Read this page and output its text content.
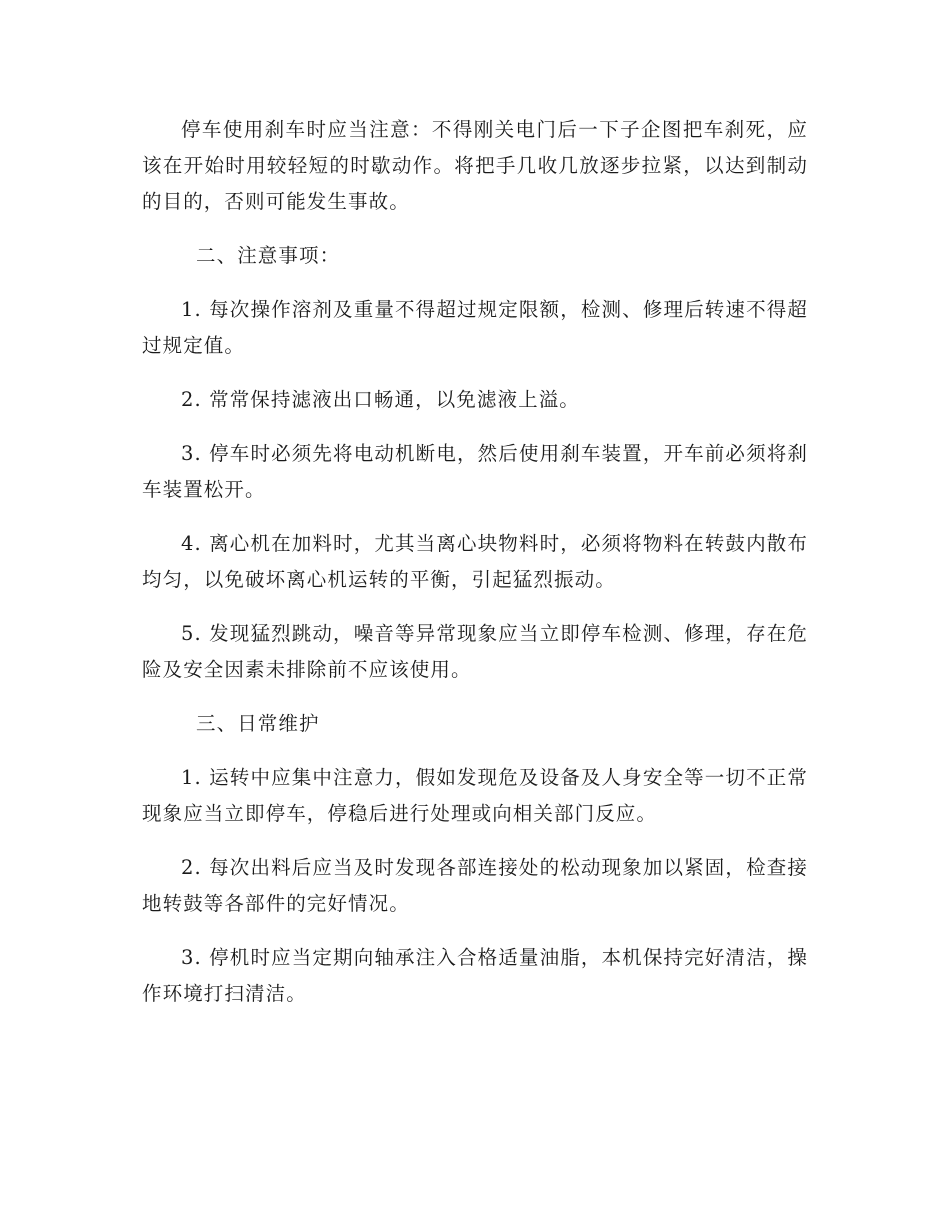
停车使用刹车时应当注意：不得刚关电门后一下子企图把车刹死，应该在开始时用较轻短的时歇动作。将把手几收几放逐步拉紧，以达到制动的目的，否则可能发生事故。

二、注意事项：

1. 每次操作溶剂及重量不得超过规定限额，检测、修理后转速不得超过规定值。

2. 常常保持滤液出口畅通，以免滤液上溢。

3. 停车时必须先将电动机断电，然后使用刹车装置，开车前必须将刹车装置松开。

4. 离心机在加料时，尤其当离心块物料时，必须将物料在转鼓内散布均匀，以免破坏离心机运转的平衡，引起猛烈振动。

5. 发现猛烈跳动，噪音等异常现象应当立即停车检测、修理，存在危险及安全因素未排除前不应该使用。

三、日常维护

1. 运转中应集中注意力，假如发现危及设备及人身安全等一切不正常现象应当立即停车，停稳后进行处理或向相关部门反应。

2. 每次出料后应当及时发现各部连接处的松动现象加以紧固，检查接地转鼓等各部件的完好情况。

3. 停机时应当定期向轴承注入合格适量油脂，本机保持完好清洁，操作环境打扫清洁。
